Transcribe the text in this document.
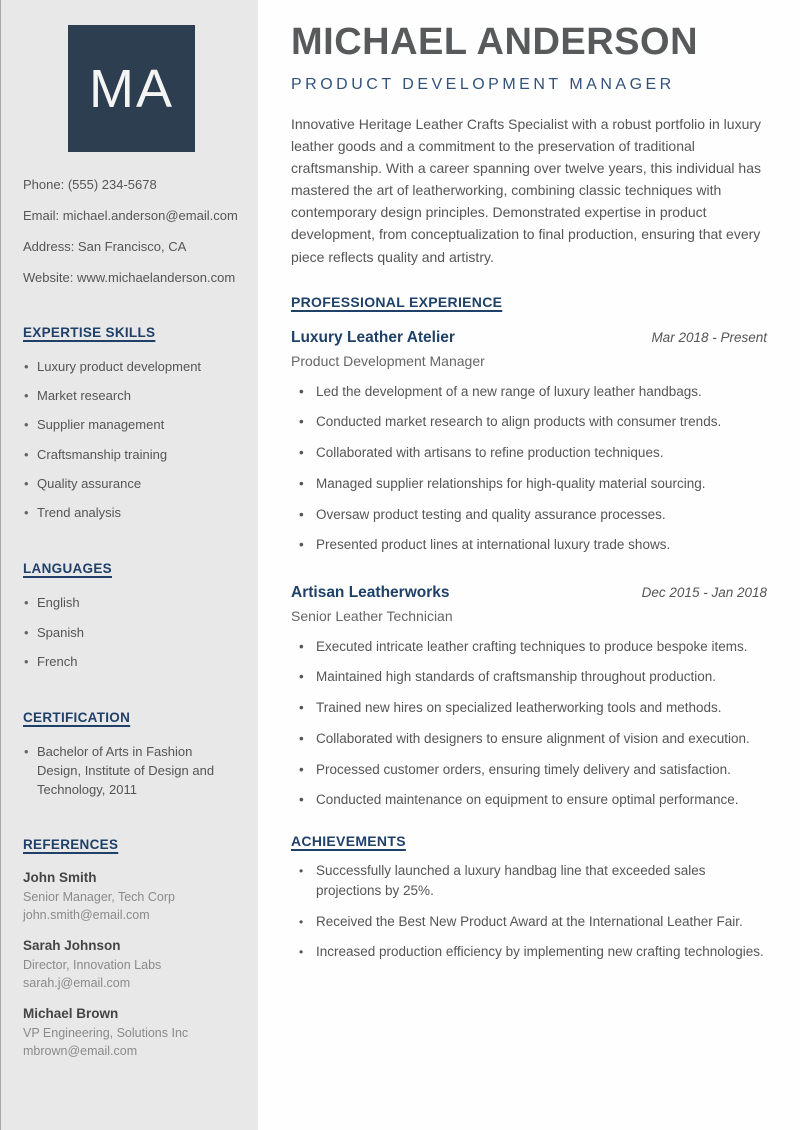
MA
Phone: (555) 234-5678
Email: michael.anderson@email.com
Address: San Francisco, CA
Website: www.michaelanderson.com
EXPERTISE SKILLS
• Luxury product development
• Market research
• Supplier management
• Craftsmanship training
• Quality assurance
• Trend analysis
LANGUAGES
• English
• Spanish
• French
CERTIFICATION
• Bachelor of Arts in Fashion Design, Institute of Design and Technology, 2011
REFERENCES
John Smith
Senior Manager, Tech Corp
john.smith@email.com
Sarah Johnson
Director, Innovation Labs
sarah.j@email.com
Michael Brown
VP Engineering, Solutions Inc
mbrown@email.com
MICHAEL ANDERSON
PRODUCT DEVELOPMENT MANAGER

Innovative Heritage Leather Crafts Specialist with a robust portfolio in luxury leather goods and a commitment to the preservation of traditional craftsmanship. With a career spanning over twelve years, this individual has mastered the art of leatherworking, combining classic techniques with contemporary design principles. Demonstrated expertise in product development, from conceptualization to final production, ensuring that every piece reflects quality and artistry.

PROFESSIONAL EXPERIENCE
Luxury Leather Atelier	Mar 2018 - Present
Product Development Manager
• Led the development of a new range of luxury leather handbags.
• Conducted market research to align products with consumer trends.
• Collaborated with artisans to refine production techniques.
• Managed supplier relationships for high-quality material sourcing.
• Oversaw product testing and quality assurance processes.
• Presented product lines at international luxury trade shows.
Artisan Leatherworks	Dec 2015 - Jan 2018
Senior Leather Technician
• Executed intricate leather crafting techniques to produce bespoke items.
• Maintained high standards of craftsmanship throughout production.
• Trained new hires on specialized leatherworking tools and methods.
• Collaborated with designers to ensure alignment of vision and execution.
• Processed customer orders, ensuring timely delivery and satisfaction.
• Conducted maintenance on equipment to ensure optimal performance.
ACHIEVEMENTS
• Successfully launched a luxury handbag line that exceeded sales projections by 25%.
• Received the Best New Product Award at the International Leather Fair.
• Increased production efficiency by implementing new crafting technologies.
